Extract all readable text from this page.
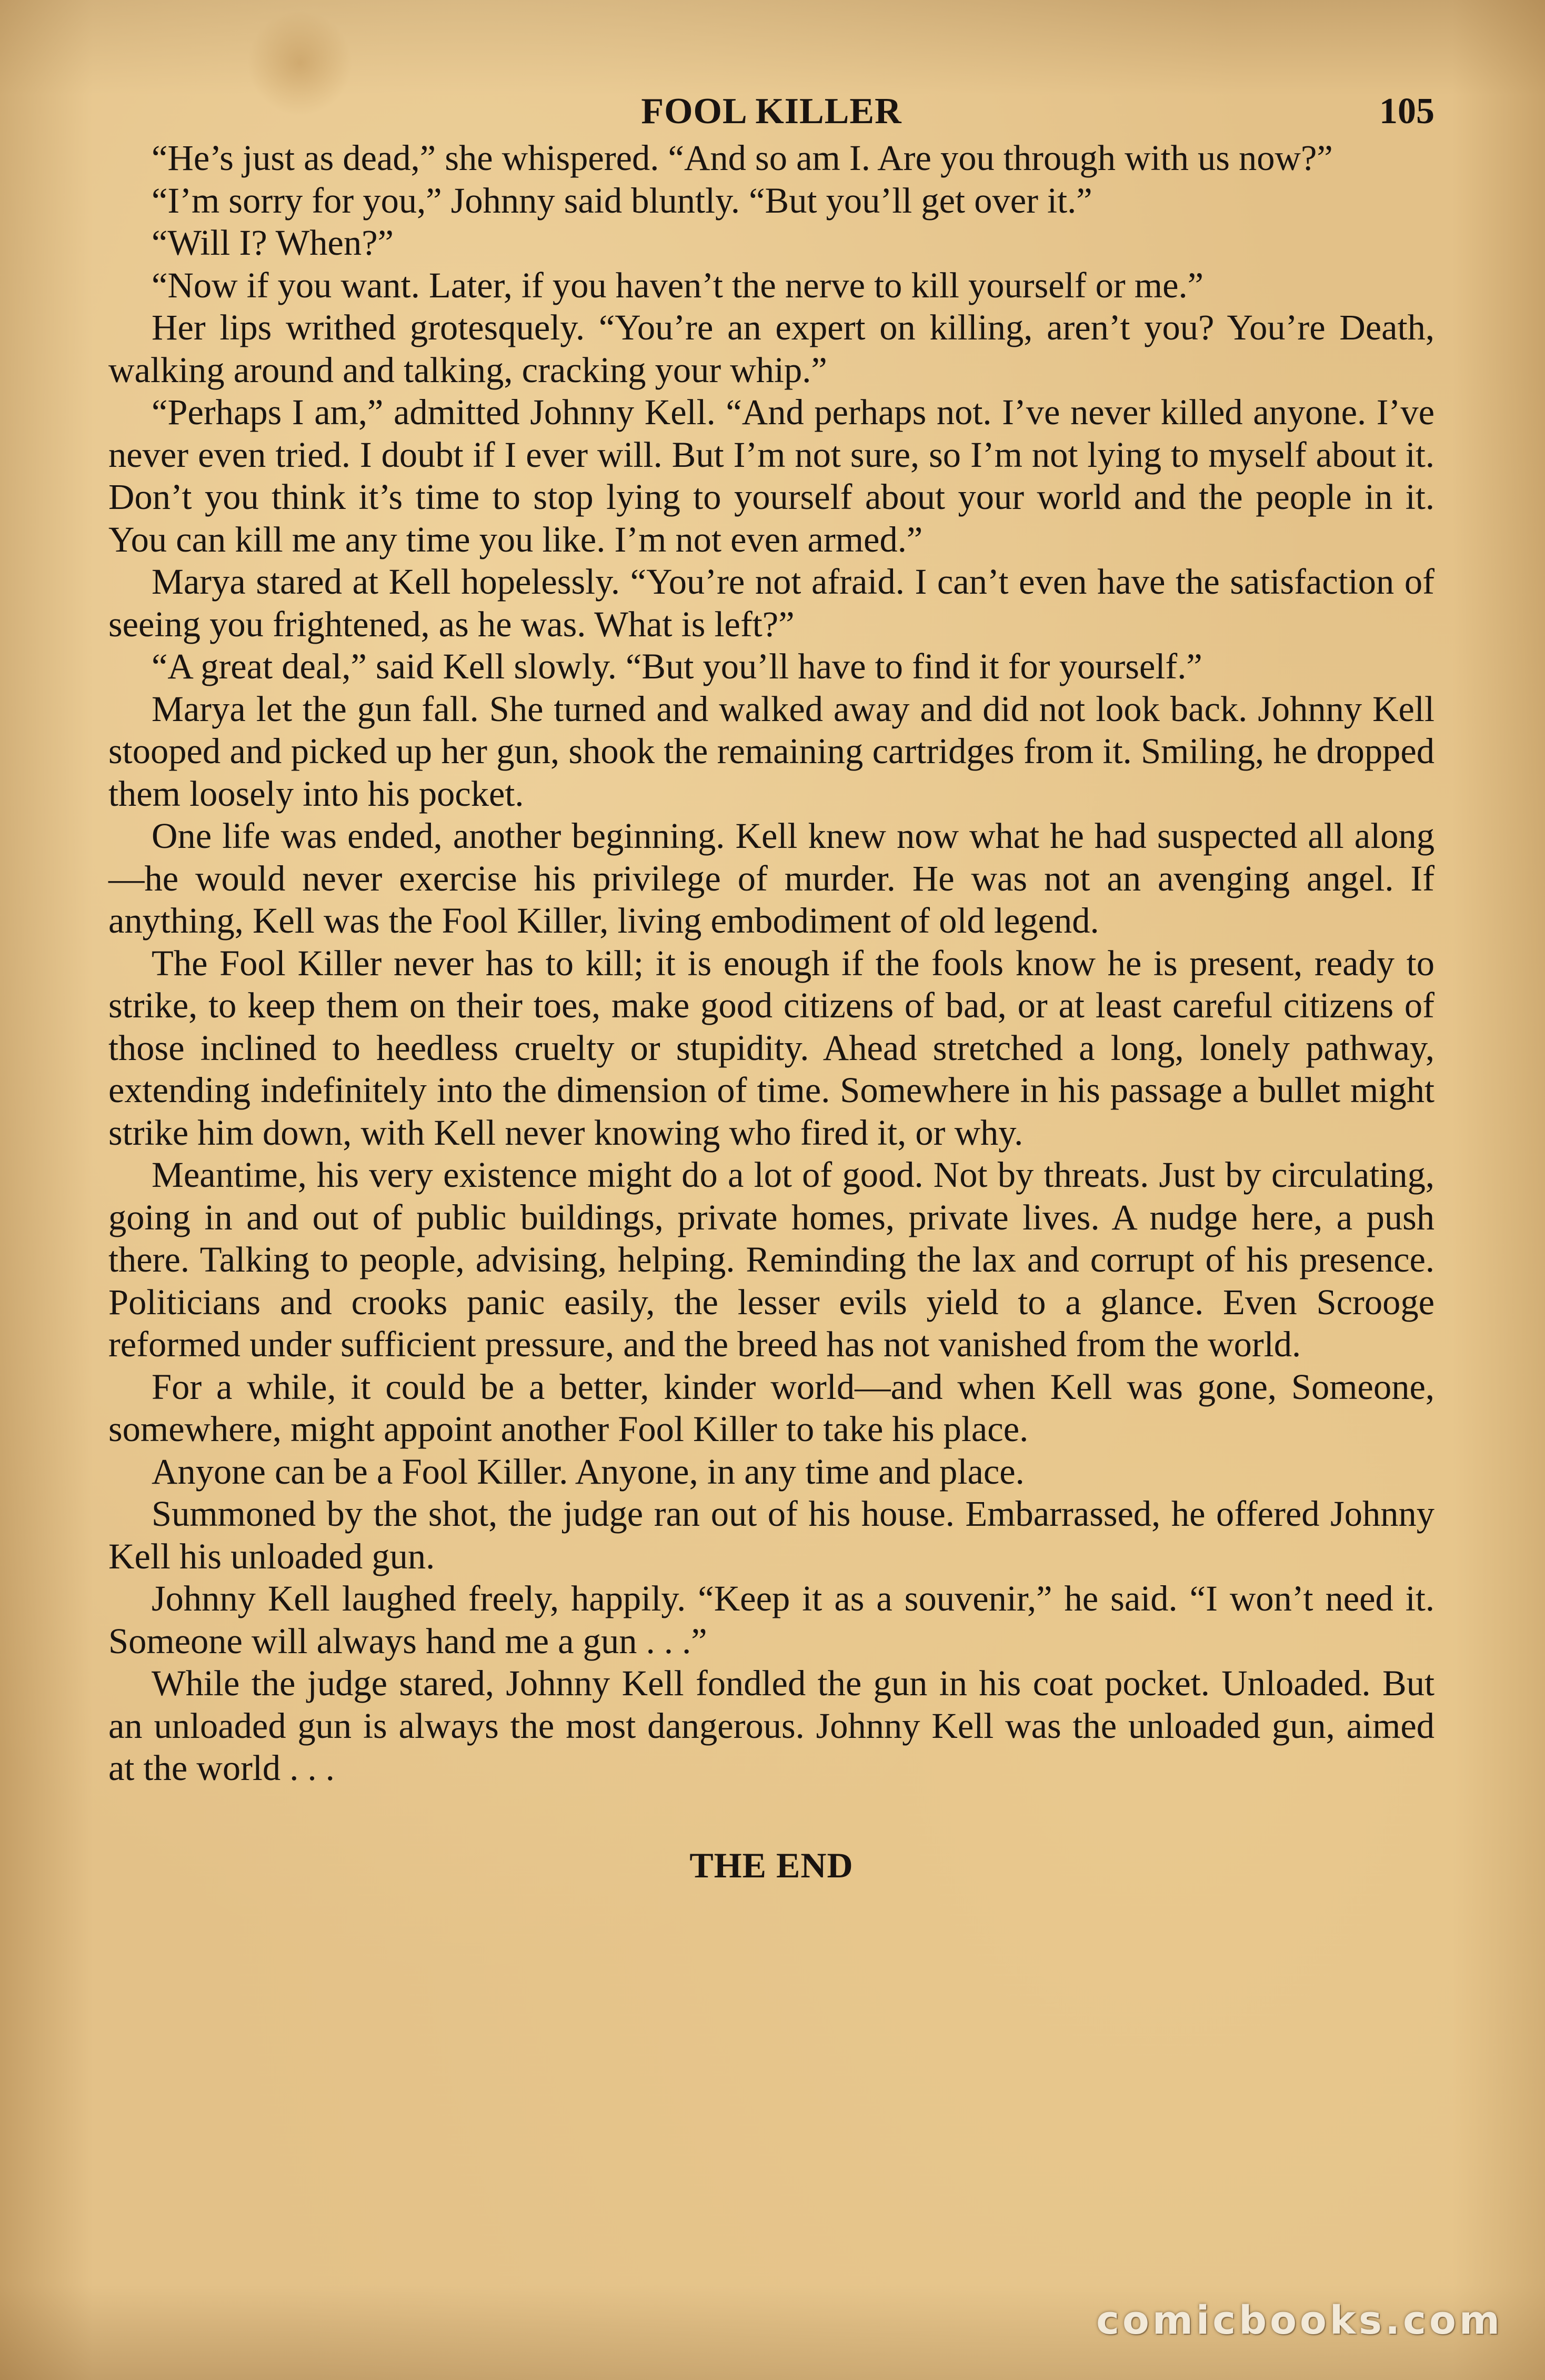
FOOL KILLER	105

“He’s just as dead,” she whispered. “And so am I. Are you through with us now?”

“I’m sorry for you,” Johnny said bluntly. “But you’ll get over it.”

“Will I? When?”

“Now if you want. Later, if you haven’t the nerve to kill yourself or me.”

Her lips writhed grotesquely. “You’re an expert on killing, aren’t you? You’re Death, walking around and talking, cracking your whip.”

“Perhaps I am,” admitted Johnny Kell. “And perhaps not. I’ve never killed anyone. I’ve never even tried. I doubt if I ever will. But I’m not sure, so I’m not lying to myself about it. Don’t you think it’s time to stop lying to yourself about your world and the people in it. You can kill me any time you like. I’m not even armed.”

Marya stared at Kell hopelessly. “You’re not afraid. I can’t even have the satisfaction of seeing you frightened, as he was. What is left?”

“A great deal,” said Kell slowly. “But you’ll have to find it for yourself.”

Marya let the gun fall. She turned and walked away and did not look back. Johnny Kell stooped and picked up her gun, shook the remaining cartridges from it. Smiling, he dropped them loosely into his pocket.

One life was ended, another beginning. Kell knew now what he had suspected all along—he would never exercise his privilege of murder. He was not an avenging angel. If anything, Kell was the Fool Killer, living embodiment of old legend.

The Fool Killer never has to kill; it is enough if the fools know he is present, ready to strike, to keep them on their toes, make good citizens of bad, or at least careful citizens of those inclined to heedless cruelty or stupidity. Ahead stretched a long, lonely pathway, extending indefinitely into the dimension of time. Somewhere in his passage a bullet might strike him down, with Kell never knowing who fired it, or why.

Meantime, his very existence might do a lot of good. Not by threats. Just by circulating, going in and out of public buildings, private homes, private lives. A nudge here, a push there. Talking to people, advising, helping. Reminding the lax and corrupt of his presence. Politicians and crooks panic easily, the lesser evils yield to a glance. Even Scrooge reformed under sufficient pressure, and the breed has not vanished from the world.

For a while, it could be a better, kinder world—and when Kell was gone, Someone, somewhere, might appoint another Fool Killer to take his place.

Anyone can be a Fool Killer. Anyone, in any time and place.

Summoned by the shot, the judge ran out of his house. Embarrassed, he offered Johnny Kell his unloaded gun.

Johnny Kell laughed freely, happily. “Keep it as a souvenir,” he said. “I won’t need it. Someone will always hand me a gun . . .”

While the judge stared, Johnny Kell fondled the gun in his coat pocket. Unloaded. But an unloaded gun is always the most dangerous. Johnny Kell was the unloaded gun, aimed at the world . . .

THE END
comicbooks.com
